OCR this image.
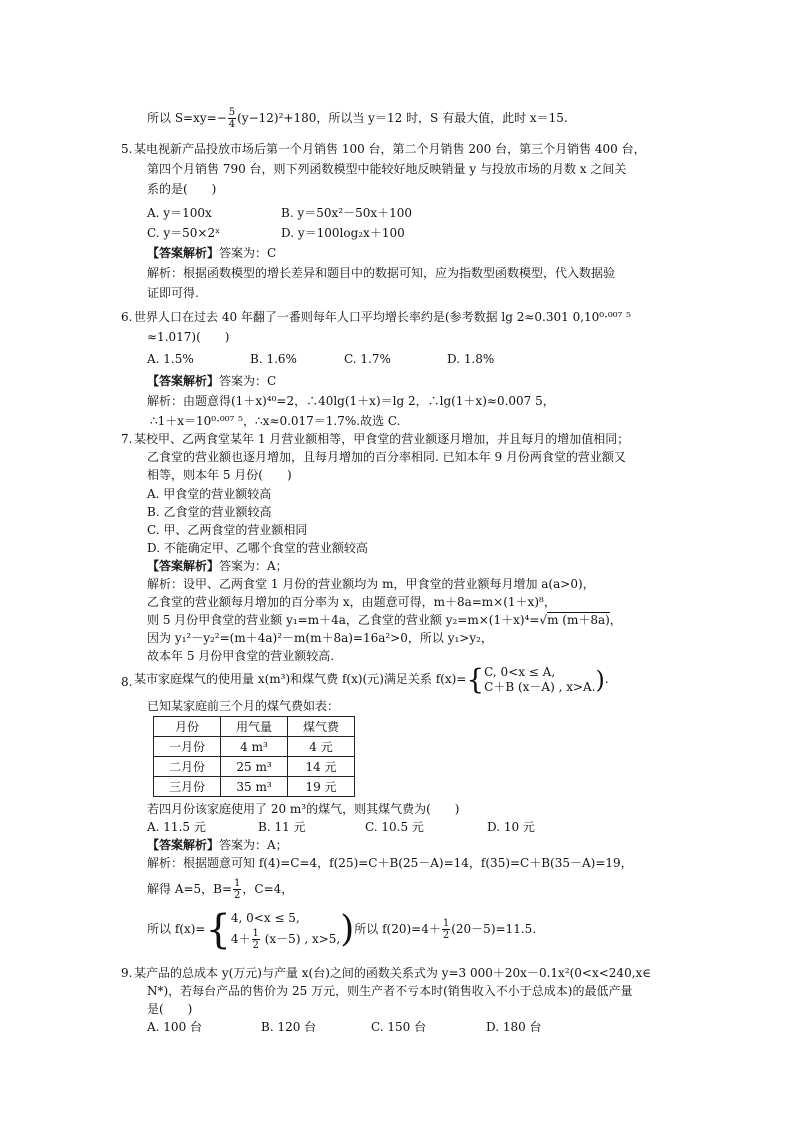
所以 $S=xy=- \frac{5}{4} (y-12)^2+180$，所以当 y＝12 时，S 有最大值，此时 x＝15.
5. 某电视新产品投放市场后第一个月销售 100 台，第二个月销售 200 台，第三个月销售 400 台，
第四个月销售 790 台，则下列函数模型中能较好地反映销量 y 与投放市场的月数 x 之间关
系的是(　　)
A. y＝100x	B. y＝50x²－50x＋100
C. y＝50×2ˣ	D. y＝100log₂x＋100
【答案解析】答案为：C
解析：根据函数模型的增长差异和题目中的数据可知，应为指数型函数模型，代入数据验
证即可得.
6. 世界人口在过去 40 年翻了一番则每年人口平均增长率约是(参考数据 lg 2≈0.301 0,10⁰·⁰⁰⁷ ⁵
≈1.017)(　　)
A. 1.5%	B. 1.6%	C. 1.7%	D. 1.8%
【答案解析】答案为：C
解析：由题意得(1＋x)⁴⁰=2，∴40lg(1＋x)＝lg 2，∴lg(1＋x)≈0.007 5，
∴1＋x＝10⁰·⁰⁰⁷ ⁵，∴x≈0.017＝1.7%.故选 C.
7. 某校甲、乙两食堂某年 1 月营业额相等，甲食堂的营业额逐月增加，并且每月的增加值相同；
乙食堂的营业额也逐月增加，且每月增加的百分率相同. 已知本年 9 月份两食堂的营业额又
相等，则本年 5 月份(　　)
A. 甲食堂的营业额较高
B. 乙食堂的营业额较高
C. 甲、乙两食堂的营业额相同
D. 不能确定甲、乙哪个食堂的营业额较高
【答案解析】答案为：A；
解析：设甲、乙两食堂 1 月份的营业额均为 m，甲食堂的营业额每月增加 a(a>0)，
乙食堂的营业额每月增加的百分率为 x，由题意可得，m＋8a=m×(1＋x)⁸，
则 5 月份甲食堂的营业额 y₁=m＋4a，乙食堂的营业额 y₂=m×(1＋x)⁴=√m (m＋8a)，
因为 y₁²－y₂²=(m＋4a)²－m(m＋8a)=16a²>0，所以 y₁>y₂，
故本年 5 月份甲食堂的营业额较高.
8. 某市家庭煤气的使用量 x(m³)和煤气费 f(x)(元)满足关系 f(x)={ C, 0<x ≤ A,
C＋B (x－A) , x>A. ).
已知某家庭前三个月的煤气费如表：
月份	用气量	煤气费
一月份	4 m³	4 元
二月份	25 m³	14 元
三月份	35 m³	19 元
若四月份该家庭使用了 20 m³的煤气，则其煤气费为(　　)
A. 11.5 元	B. 11 元	C. 10.5 元	D. 10 元
【答案解析】答案为：A；
解析：根据题意可知 f(4)=C=4，f(25)=C＋B(25－A)=14，f(35)=C＋B(35－A)=19，
解得 A=5，$B= \frac{1}{2}$ ，C=4，
所以 f(x)={ 4, 0<x ≤ 5,
$4+ \frac{1}{2} (x-5)$ , x>5, )所以 $f(20)=4+ \frac{1}{2} (20-5)=11.5$.
9. 某产品的总成本 y(万元)与产量 x(台)之间的函数关系式为 y=3 000＋20x－0.1x²(0<x<240,x∈
N*)，若每台产品的售价为 25 万元，则生产者不亏本时(销售收入不小于总成本)的最低产量
是(　　)
A. 100 台	B. 120 台	C. 150 台	D. 180 台
